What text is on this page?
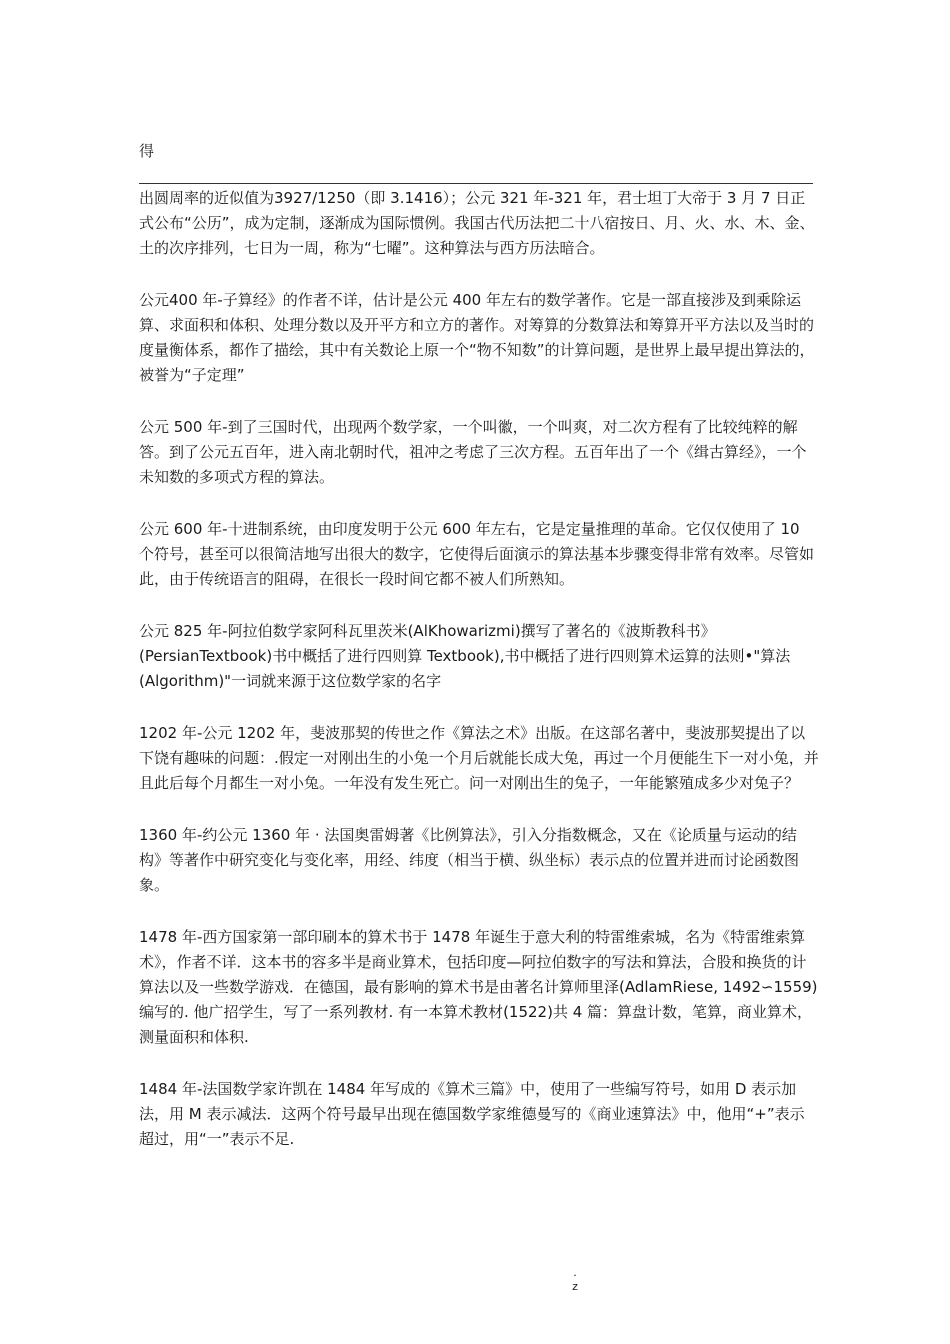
得

出圆周率的近似值为3927/1250（即 3.1416）；公元 321 年-321 年，君士坦丁大帝于 3 月 7 日正式公布“公历”，成为定制，逐渐成为国际惯例。我国古代历法把二十八宿按日、月、火、水、木、金、土的次序排列，七日为一周，称为“七曜”。这种算法与西方历法暗合。

公元400 年-子算经》的作者不详，估计是公元 400 年左右的数学著作。它是一部直接涉及到乘除运算、求面积和体积、处理分数以及开平方和立方的著作。对筹算的分数算法和筹算开平方法以及当时的度量衡体系，都作了描绘，其中有关数论上原一个“物不知数”的计算问题，是世界上最早提出算法的，被誉为“子定理”

公元 500 年-到了三国时代，出现两个数学家，一个叫徽，一个叫爽，对二次方程有了比较纯粹的解答。到了公元五百年，进入南北朝时代，祖冲之考虑了三次方程。五百年出了一个《缉古算经》，一个未知数的多项式方程的算法。

公元 600 年-十进制系统，由印度发明于公元 600 年左右，它是定量推理的革命。它仅仅使用了 10 个符号，甚至可以很简洁地写出很大的数字，它使得后面演示的算法基本步骤变得非常有效率。尽管如此，由于传统语言的阻碍，在很长一段时间它都不被人们所熟知。

公元 825 年-阿拉伯数学家阿科瓦里茨米(AlKhowarizmi)撰写了著名的《波斯教科书》(PersianTextbook)书中概括了进行四则算 Textbook),书中概括了进行四则算术运算的法则•"算法(Algorithm)"一词就来源于这位数学家的名字

1202 年-公元 1202 年，斐波那契的传世之作《算法之术》出版。在这部名著中，斐波那契提出了以下饶有趣味的问题：.假定一对刚出生的小兔一个月后就能长成大兔，再过一个月便能生下一对小兔，并且此后每个月都生一对小兔。一年没有发生死亡。问一对刚出生的兔子，一年能繁殖成多少对兔子？

1360 年-约公元 1360 年 · 法国奥雷姆著《比例算法》，引入分指数概念，又在《论质量与运动的结构》等著作中研究变化与变化率，用经、纬度（相当于横、纵坐标）表示点的位置并进而讨论函数图象。

1478 年-西方国家第一部印刷本的算术书于 1478 年诞生于意大利的特雷维索城，名为《特雷维索算术》，作者不详．这本书的容多半是商业算术，包括印度—阿拉伯数字的写法和算法，合股和换货的计算法以及一些数学游戏．在德国，最有影响的算术书是由著名计算师里泽(AdlamRiese, 1492∽1559)编写的. 他广招学生，写了一系列教材. 有一本算术教材(1522)共 4 篇：算盘计数，笔算，商业算术，测量面积和体积.

1484 年-法国数学家许凯在 1484 年写成的《算术三篇》中，使用了一些编写符号，如用 D 表示加法，用 M 表示减法．这两个符号最早出现在德国数学家维德曼写的《商业速算法》中，他用“+”表示超过，用“一”表示不足.

.
z
